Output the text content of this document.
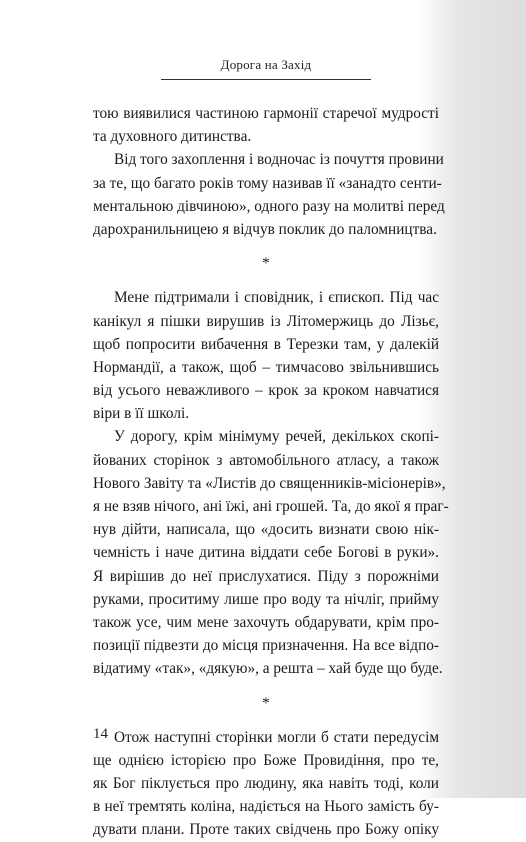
Дорога на Захід
тою виявилися частиною гармонії старечої мудрості
та духовного дитинства.
Від того захоплення і водночас із почуття провини
за те, що багато років тому називав її «занадто сенти-
ментальною дівчиною», одного разу на молитві перед
дарохранильницею я відчув поклик до паломництва.
*
Мене підтримали і сповідник, і єпископ. Під час
канікул я пішки вирушив із Літомержиць до Лізьє,
щоб попросити вибачення в Терезки там, у далекій
Нормандії, а також, щоб – тимчасово звільнившись
від усього неважливого – крок за кроком навчатися
віри в її школі.
У дорогу, крім мінімуму речей, декількох скопі-
йованих сторінок з автомобільного атласу, а також
Нового Завіту та «Листів до священників-місіонерів»,
я не взяв нічого, ані їжі, ані грошей. Та, до якої я праг-
нув дійти, написала, що «досить визнати свою нік-
чемність і наче дитина віддати себе Богові в руки».
Я вирішив до неї прислухатися. Піду з порожніми
руками, проситиму лише про воду та нічліг, прийму
також усе, чим мене захочуть обдарувати, крім про-
позиції підвезти до місця призначення. На все відпо-
відатиму «так», «дякую», а решта – хай буде що буде.
*
Отож наступні сторінки могли б стати передусім
ще однією історією про Боже Провидіння, про те,
як Бог піклується про людину, яка навіть тоді, коли
в неї тремтять коліна, надіється на Нього замість бу-
дувати плани. Проте таких свідчень про Божу опіку
14
